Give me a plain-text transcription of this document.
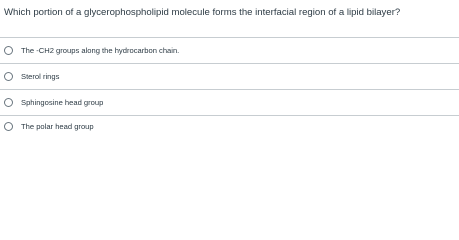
Which portion of a glycerophospholipid molecule forms the interfacial region of a lipid bilayer?
The -CH2 groups along the hydrocarbon chain.
Sterol rings
Sphingosine head group
The polar head group
